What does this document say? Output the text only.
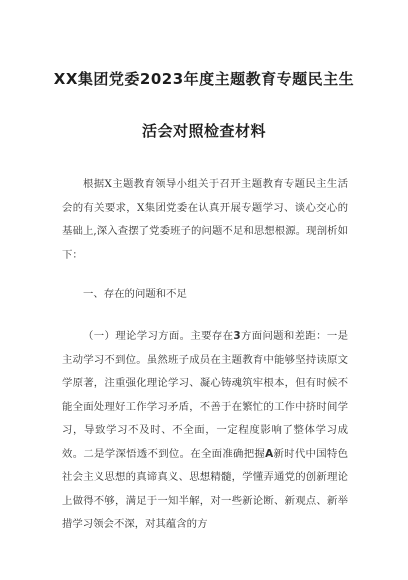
XX集团党委2023年度主题教育专题民主生
活会对照检查材料

根据X主题教育领导小组关于召开主题教育专题民主生活会的有关要求，X集团党委在认真开展专题学习、谈心交心的基础上,深入查摆了党委班子的问题不足和思想根源。现剖析如下：

一、存在的问题和不足

（一）理论学习方面。主要存在3方面问题和差距：一是主动学习不到位。虽然班子成员在主题教育中能够坚持读原文学原著，注重强化理论学习、凝心铸魂筑牢根本，但有时候不能全面处理好工作学习矛盾，不善于在繁忙的工作中挤时间学习，导致学习不及时、不全面，一定程度影响了整体学习成效。二是学深悟透不到位。在全面准确把握A新时代中国特色社会主义思想的真谛真义、思想精髓，学懂弄通党的创新理论上做得不够，满足于一知半解，对一些新论断、新观点、新举措学习领会不深，对其蕴含的方
